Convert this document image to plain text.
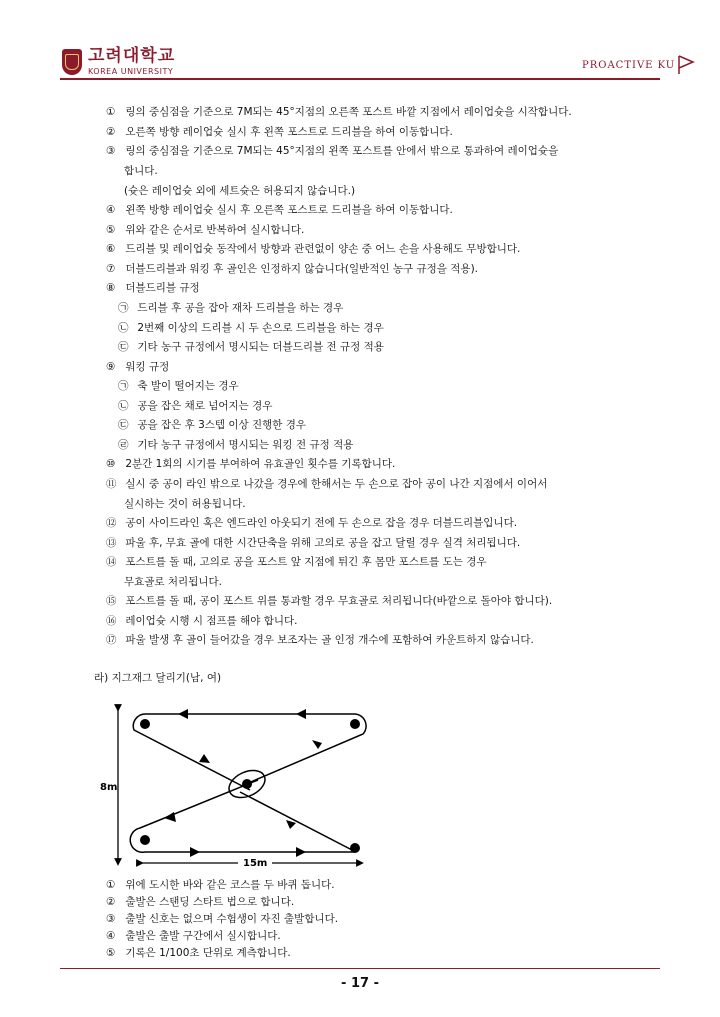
고려대학교
KOREA UNIVERSITY
PROACTIVE KU
① 링의 중심점을 기준으로 7M되는 45°지점의 오른쪽 포스트 바깥 지점에서 레이업슛을 시작합니다.
② 오른쪽 방향 레이업슛 실시 후 왼쪽 포스트로 드리블을 하여 이동합니다.
③ 링의 중심점을 기준으로 7M되는 45°지점의 왼쪽 포스트를 안에서 밖으로 통과하여 레이업슛을
합니다.
(슛은 레이업슛 외에 세트슛은 허용되지 않습니다.)
④ 왼쪽 방향 레이업슛 실시 후 오른쪽 포스트로 드리블을 하여 이동합니다.
⑤ 위와 같은 순서로 반복하여 실시합니다.
⑥ 드리블 및 레이업슛 동작에서 방향과 관련없이 양손 중 어느 손을 사용해도 무방합니다.
⑦ 더블드리블과 워킹 후 골인은 인정하지 않습니다(일반적인 농구 규정을 적용).
⑧ 더블드리블 규정
㉠ 드리블 후 공을 잡아 재차 드리블을 하는 경우
㉡ 2번째 이상의 드리블 시 두 손으로 드리블을 하는 경우
㉢ 기타 농구 규정에서 명시되는 더블드리블 전 규정 적용
⑨ 워킹 규정
㉠ 축 발이 떨어지는 경우
㉡ 공을 잡은 채로 넘어지는 경우
㉢ 공을 잡은 후 3스텝 이상 진행한 경우
㉣ 기타 농구 규정에서 명시되는 워킹 전 규정 적용
⑩ 2분간 1회의 시기를 부여하여 유효골인 횟수를 기록합니다.
⑪ 실시 중 공이 라인 밖으로 나갔을 경우에 한해서는 두 손으로 잡아 공이 나간 지점에서 이어서
실시하는 것이 허용됩니다.
⑫ 공이 사이드라인 혹은 엔드라인 아웃되기 전에 두 손으로 잡을 경우 더블드리블입니다.
⑬ 파울 후, 무효 골에 대한 시간단축을 위해 고의로 공을 잡고 달릴 경우 실격 처리됩니다.
⑭ 포스트를 돌 때, 고의로 공을 포스트 앞 지점에 튀긴 후 몸만 포스트를 도는 경우
무효골로 처리됩니다.
⑮ 포스트를 돌 때, 공이 포스트 위를 통과할 경우 무효골로 처리됩니다(바깥으로 돌아야 합니다).
⑯ 레이업슛 시행 시 점프를 해야 합니다.
⑰ 파울 발생 후 골이 들어갔을 경우 보조자는 골 인정 개수에 포함하여 카운트하지 않습니다.
라) 지그재그 달리기(남, 여)
8m
15m
① 위에 도시한 바와 같은 코스를 두 바퀴 돕니다.
② 출발은 스탠딩 스타트 법으로 합니다.
③ 출발 신호는 없으며 수험생이 자진 출발합니다.
④ 출발은 출발 구간에서 실시합니다.
⑤ 기록은 1/100초 단위로 계측합니다.
- 17 -
